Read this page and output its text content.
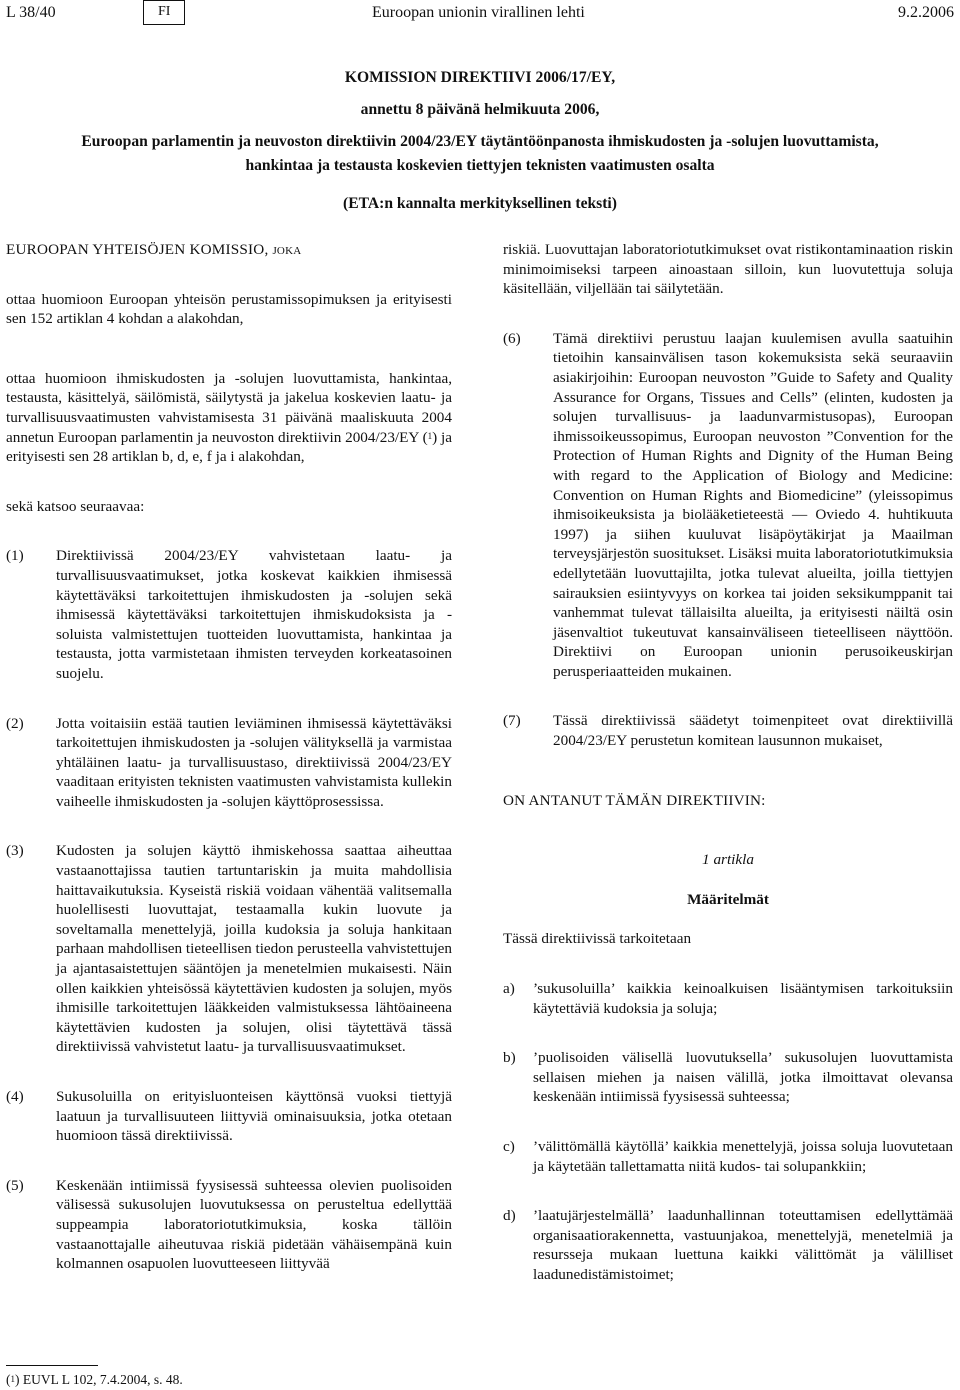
L 38/40	FI	Euroopan unionin virallinen lehti	9.2.2006
KOMISSION DIREKTIIVI 2006/17/EY,
annettu 8 päivänä helmikuuta 2006,
Euroopan parlamentin ja neuvoston direktiivin 2004/23/EY täytäntöönpanosta ihmiskudosten ja -solujen luovuttamista, hankintaa ja testausta koskevien tiettyjen teknisten vaatimusten osalta
(ETA:n kannalta merkityksellinen teksti)

EUROOPAN YHTEISÖJEN KOMISSIO, joka

ottaa huomioon Euroopan yhteisön perustamissopimuksen ja erityisesti sen 152 artiklan 4 kohdan a alakohdan,

ottaa huomioon ihmiskudosten ja -solujen luovuttamista, hankintaa, testausta, käsittelyä, säilömistä, säilytystä ja jakelua koskevien laatu- ja turvallisuusvaatimusten vahvistamisesta 31 päivänä maaliskuuta 2004 annetun Euroopan parlamentin ja neuvoston direktiivin 2004/23/EY ($^1$) ja erityisesti sen 28 artiklan b, d, e, f ja i alakohdan,

sekä katsoo seuraavaa:

(1)	Direktiivissä 2004/23/EY vahvistetaan laatu- ja turvallisuusvaatimukset, jotka koskevat kaikkien ihmisessä käytettäväksi tarkoitettujen ihmiskudosten ja -solujen sekä ihmisessä käytettäväksi tarkoitettujen ihmiskudoksista ja -soluista valmistettujen tuotteiden luovuttamista, hankintaa ja testausta, jotta varmistetaan ihmisten terveyden korkeatasoinen suojelu.
(2)	Jotta voitaisiin estää tautien leviäminen ihmisessä käytettäväksi tarkoitettujen ihmiskudosten ja -solujen välityksellä ja varmistaa yhtäläinen laatu- ja turvallisuustaso, direktiivissä 2004/23/EY vaaditaan erityisten teknisten vaatimusten vahvistamista kullekin vaiheelle ihmiskudosten ja -solujen käyttöprosessissa.
(3)	Kudosten ja solujen käyttö ihmiskehossa saattaa aiheuttaa vastaanottajissa tautien tartuntariskin ja muita mahdollisia haittavaikutuksia. Kyseistä riskiä voidaan vähentää valitsemalla huolellisesti luovuttajat, testaamalla kukin luovute ja soveltamalla menettelyjä, joilla kudoksia ja soluja hankitaan parhaan mahdollisen tieteellisen tiedon perusteella vahvistettujen ja ajantasaistettujen sääntöjen ja menetelmien mukaisesti. Näin ollen kaikkien yhteisössä käytettävien kudosten ja solujen, myös ihmisille tarkoitettujen lääkkeiden valmistuksessa lähtöaineena käytettävien kudosten ja solujen, olisi täytettävä tässä direktiivissä vahvistetut laatu- ja turvallisuusvaatimukset.
(4)	Sukusoluilla on erityisluonteisen käyttönsä vuoksi tiettyjä laatuun ja turvallisuuteen liittyviä ominaisuuksia, jotka otetaan huomioon tässä direktiivissä.
(5)	Keskenään intiimissä fyysisessä suhteessa olevien puolisoiden välisessä sukusolujen luovutuksessa on perusteltua edellyttää suppeampia laboratoriotutkimuksia, koska tällöin vastaanottajalle aiheutuvaa riskiä pidetään vähäisempänä kuin kolmannen osapuolen luovutteeseen liittyvää

riskiä. Luovuttajan laboratoriotutkimukset ovat ristikontaminaation riskin minimoimiseksi tarpeen ainoastaan silloin, kun luovutettuja soluja käsitellään, viljellään tai säilytetään.

(6)	Tämä direktiivi perustuu laajan kuulemisen avulla saatuihin tietoihin kansainvälisen tason kokemuksista sekä seuraaviin asiakirjoihin: Euroopan neuvoston ”Guide to Safety and Quality Assurance for Organs, Tissues and Cells” (elinten, kudosten ja solujen turvallisuus- ja laadunvarmistusopas), Euroopan ihmissoikeussopimus, Euroopan neuvoston ”Convention for the Protection of Human Rights and Dignity of the Human Being with regard to the Application of Biology and Medicine: Convention on Human Rights and Biomedicine” (yleissopimus ihmisoikeuksista ja biolääketieteestä — Oviedo 4. huhtikuuta 1997) ja siihen kuuluvat lisäpöytäkirjat ja Maailman terveysjärjestön suositukset. Lisäksi muita laboratoriotutkimuksia edellytetään luovuttajilta, jotka tulevat alueilta, joilla tiettyjen sairauksien esiintyvyys on korkea tai joiden seksikumppanit tai vanhemmat tulevat tällaisilta alueilta, ja erityisesti näiltä osin jäsenvaltiot tukeutuvat kansainväliseen tieteelliseen näyttöön. Direktiivi on Euroopan unionin perusoikeuskirjan perusperiaatteiden mukainen.
(7)	Tässä direktiivissä säädetyt toimenpiteet ovat direktiivillä 2004/23/EY perustetun komitean lausunnon mukaiset,

ON ANTANUT TÄMÄN DIREKTIIVIN:

1 artikla

Määritelmät

Tässä direktiivissä tarkoitetaan

a)	’sukusoluilla’ kaikkia keinoalkuisen lisääntymisen tarkoituksiin käytettäviä kudoksia ja soluja;
b)	’puolisoiden välisellä luovutuksella’ sukusolujen luovuttamista sellaisen miehen ja naisen välillä, jotka ilmoittavat olevansa keskenään intiimissä fyysisessä suhteessa;
c)	’välittömällä käytöllä’ kaikkia menettelyjä, joissa soluja luovutetaan ja käytetään tallettamatta niitä kudos- tai solupankkiin;
d)	’laatujärjestelmällä’ laadunhallinnan toteuttamisen edellyttämää organisaatiorakennetta, vastuunjakoa, menettelyjä, menetelmiä ja resursseja mukaan luettuna kaikki välittömät ja välilliset laadunedistämistoimet;
($^1$) EUVL L 102, 7.4.2004, s. 48.
